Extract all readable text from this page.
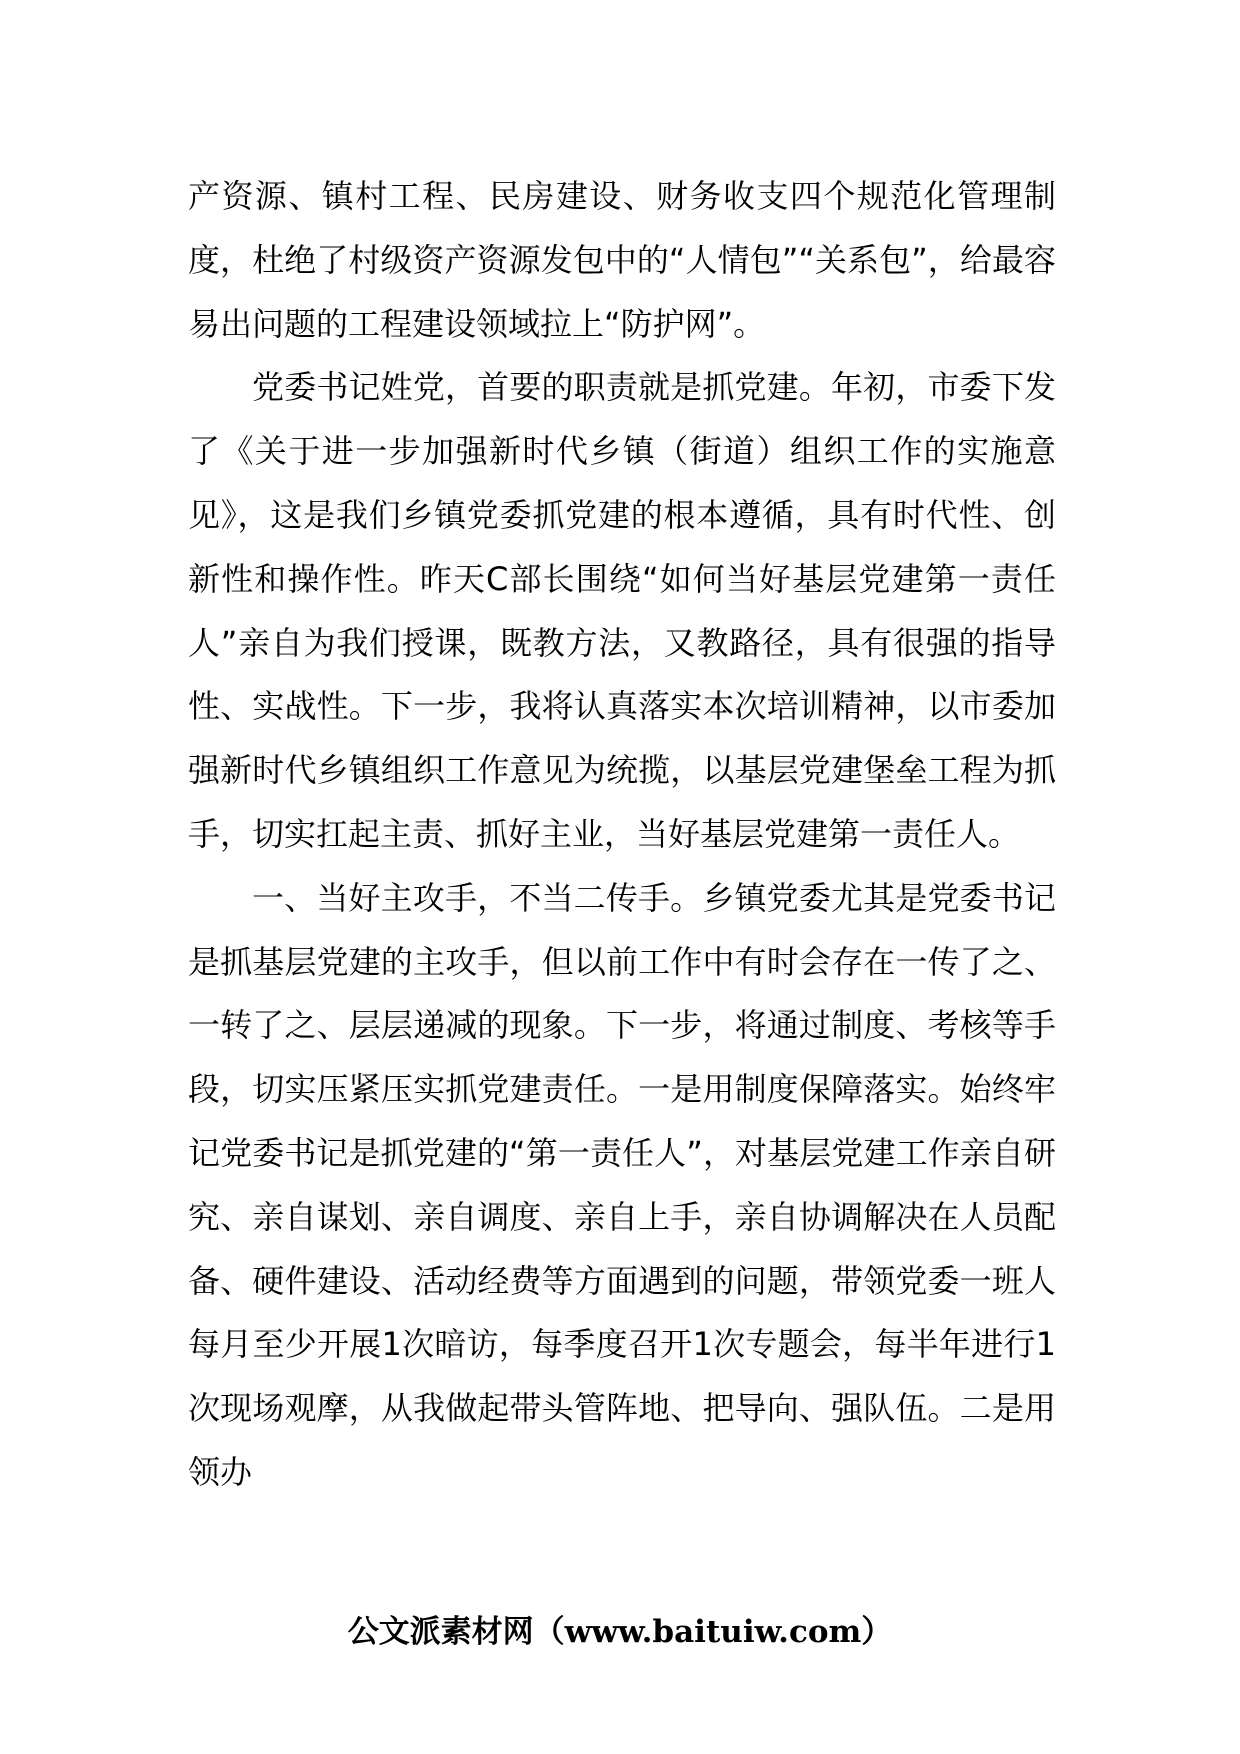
产资源、镇村工程、民房建设、财务收支四个规范化管理制度，杜绝了村级资产资源发包中的“人情包”“关系包”，给最容易出问题的工程建设领域拉上“防护网”。

党委书记姓党，首要的职责就是抓党建。年初，市委下发了《关于进一步加强新时代乡镇（街道）组织工作的实施意见》，这是我们乡镇党委抓党建的根本遵循，具有时代性、创新性和操作性。昨天C部长围绕“如何当好基层党建第一责任人”亲自为我们授课，既教方法，又教路径，具有很强的指导性、实战性。下一步，我将认真落实本次培训精神，以市委加强新时代乡镇组织工作意见为统揽，以基层党建堡垒工程为抓手，切实扛起主责、抓好主业，当好基层党建第一责任人。

一、当好主攻手，不当二传手。乡镇党委尤其是党委书记是抓基层党建的主攻手，但以前工作中有时会存在一传了之、一转了之、层层递减的现象。下一步，将通过制度、考核等手段，切实压紧压实抓党建责任。一是用制度保障落实。始终牢记党委书记是抓党建的“第一责任人”，对基层党建工作亲自研究、亲自谋划、亲自调度、亲自上手，亲自协调解决在人员配备、硬件建设、活动经费等方面遇到的问题，带领党委一班人每月至少开展1次暗访，每季度召开1次专题会，每半年进行1次现场观摩，从我做起带头管阵地、把导向、强队伍。二是用领办

公文派素材网（www.baituiw.com）
